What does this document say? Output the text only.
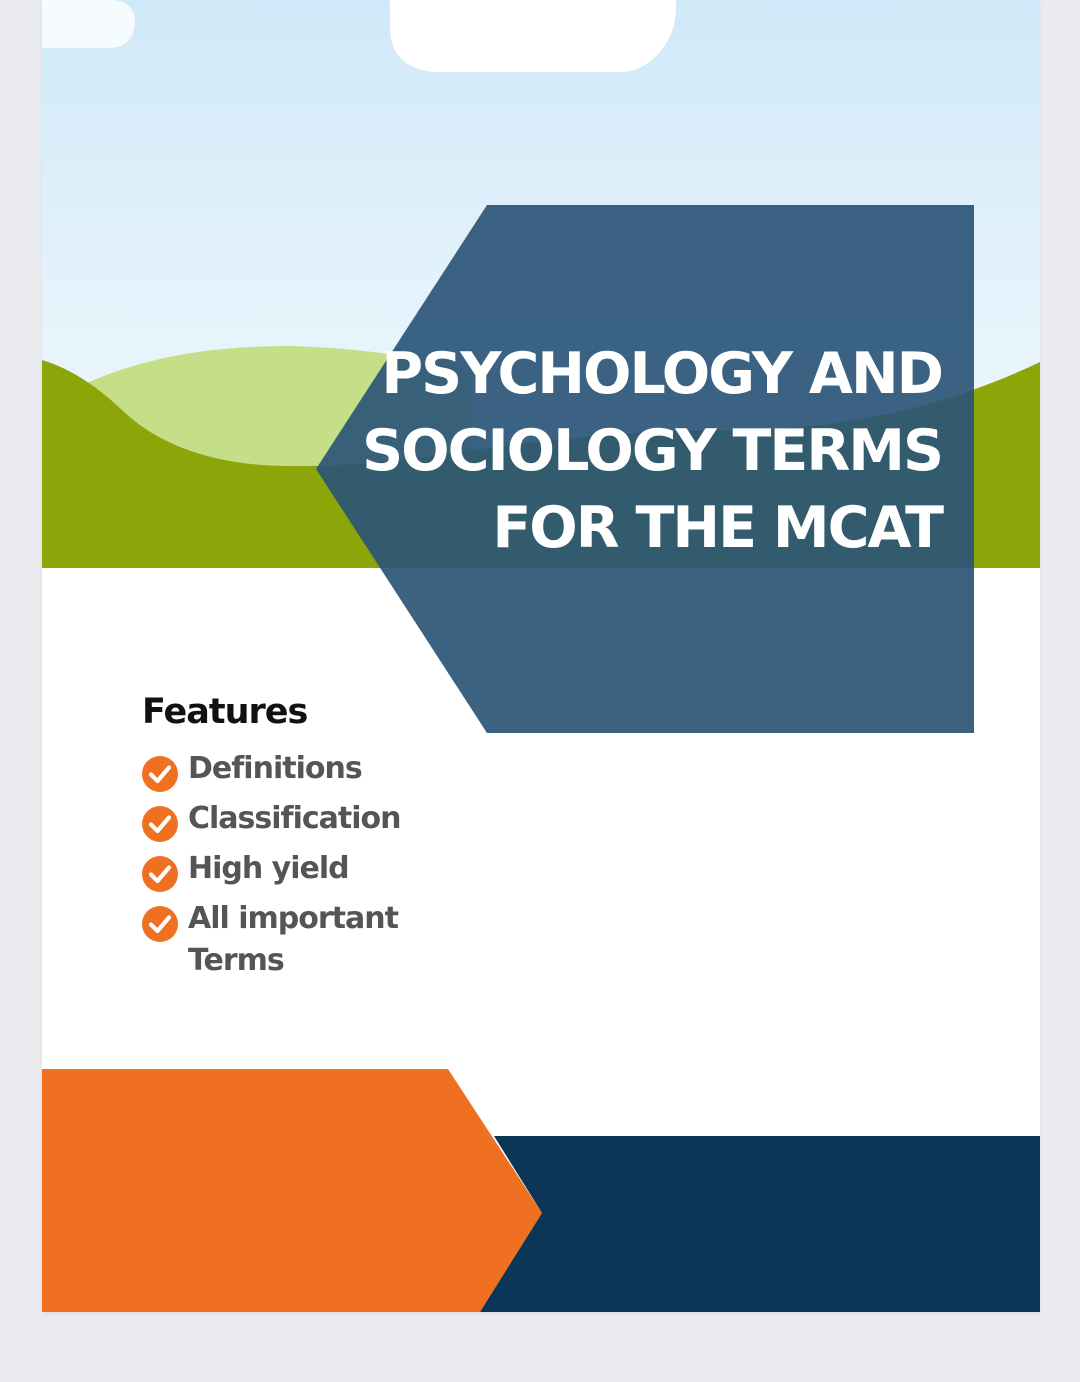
PSYCHOLOGY AND
SOCIOLOGY TERMS
FOR THE MCAT
Features
Definitions
Classification
High yield
All important
Terms
